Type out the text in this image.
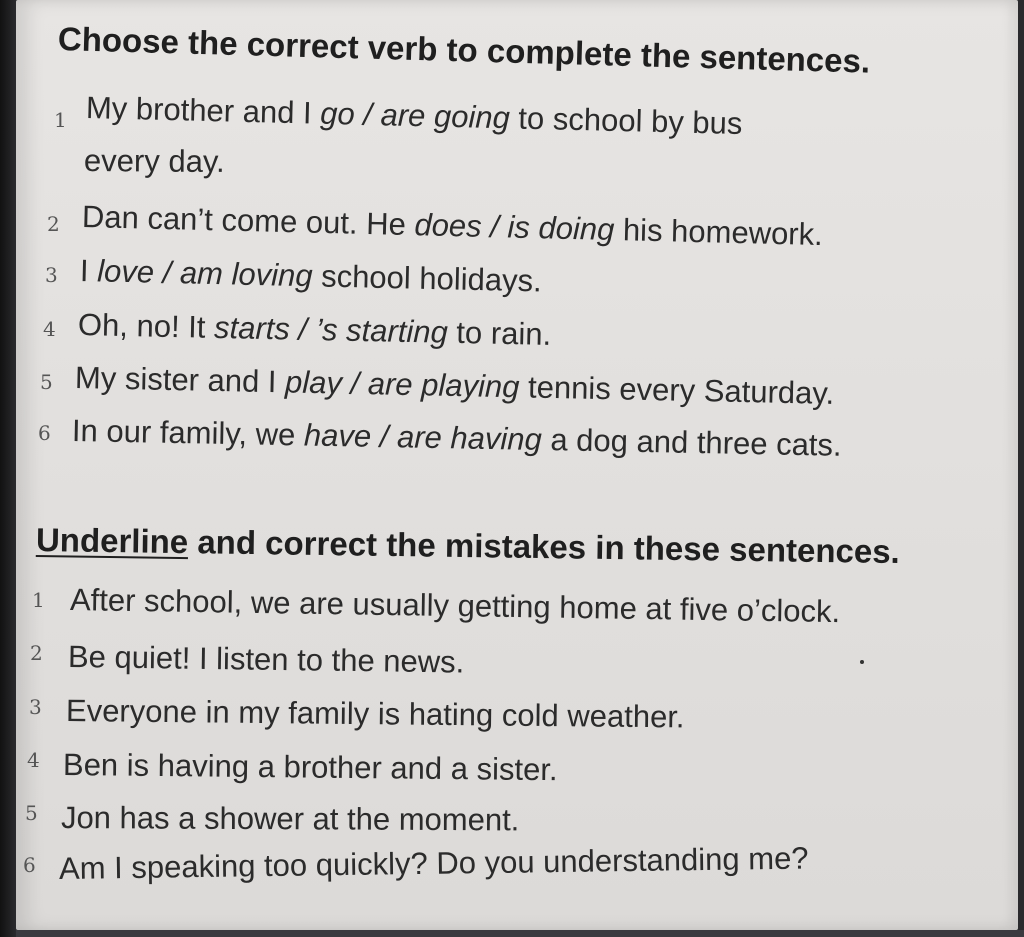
Choose the correct verb to complete the sentences.
1 My brother and I go / are going to school by bus
every day.
2 Dan can’t come out. He does / is doing his homework.
3 I love / am loving school holidays.
4 Oh, no! It starts / ’s starting to rain.
5 My sister and I play / are playing tennis every Saturday.
6 In our family, we have / are having a dog and three cats.
Underline and correct the mistakes in these sentences.
1 After school, we are usually getting home at five o’clock.
2 Be quiet! I listen to the news.
3 Everyone in my family is hating cold weather.
4 Ben is having a brother and a sister.
5 Jon has a shower at the moment.
6 Am I speaking too quickly? Do you understanding me?
